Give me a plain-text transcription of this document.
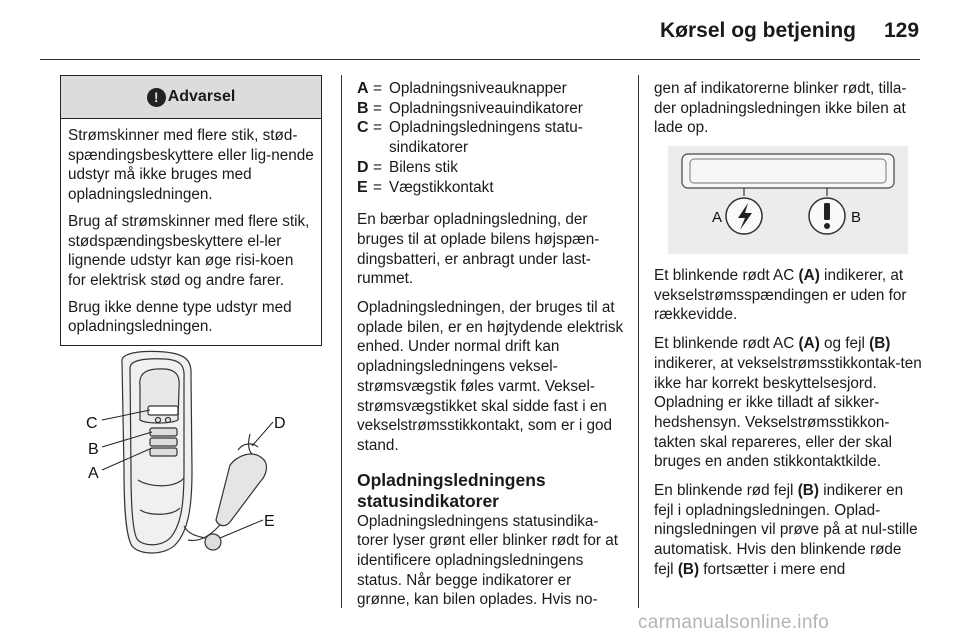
Kørsel og betjening 129
! Advarsel

Strømskinner med flere stik, stød-spændingsbeskyttere eller lig-nende udstyr må ikke bruges med opladningsledningen.

Brug af strømskinner med flere stik, stødspændingsbeskyttere el-ler lignende udstyr kan øge risi-koen for elektrisk stød og andre farer.

Brug ikke denne type udstyr med opladningsledningen.

C
B
A
D
E
A	=	Opladningsniveauknapper
B	=	Opladningsniveauindikatorer
C	=	Opladningsledningens statu-sindikatorer
D	=	Bilens stik
E	=	Vægstikkontakt

En bærbar opladningsledning, der bruges til at oplade bilens højspæn-dingsbatteri, er anbragt under last-rummet.

Opladningsledningen, der bruges til at oplade bilen, er en højtydende elektrisk enhed. Under normal drift kan opladningsledningens veksel-strømsvægstik føles varmt. Veksel-strømsvægstikket skal sidde fast i en vekselstrømsstikkontakt, som er i god stand.

Opladningsledningens statusindikatorer

Opladningsledningens statusindika-torer lyser grønt eller blinker rødt for at identificere opladningsledningens status. Når begge indikatorer er grønne, kan bilen oplades. Hvis no-

gen af indikatorerne blinker rødt, tilla-der opladningsledningen ikke bilen at lade op.

A	B

Et blinkende rødt AC (A) indikerer, at vekselstrømsspændingen er uden for rækkevidde.

Et blinkende rødt AC (A) og fejl (B) indikerer, at vekselstrømsstikkontak-ten ikke har korrekt beskyttelsesjord. Opladning er ikke tilladt af sikker-hedshensyn. Vekselstrømsstikkon-takten skal repareres, eller der skal bruges en anden stikkontaktkilde.

En blinkende rød fejl (B) indikerer en fejl i opladningsledningen. Oplad-ningsledningen vil prøve på at nul-stille automatisk. Hvis den blinkende røde fejl (B) fortsætter i mere end

carmanualsonline.info
